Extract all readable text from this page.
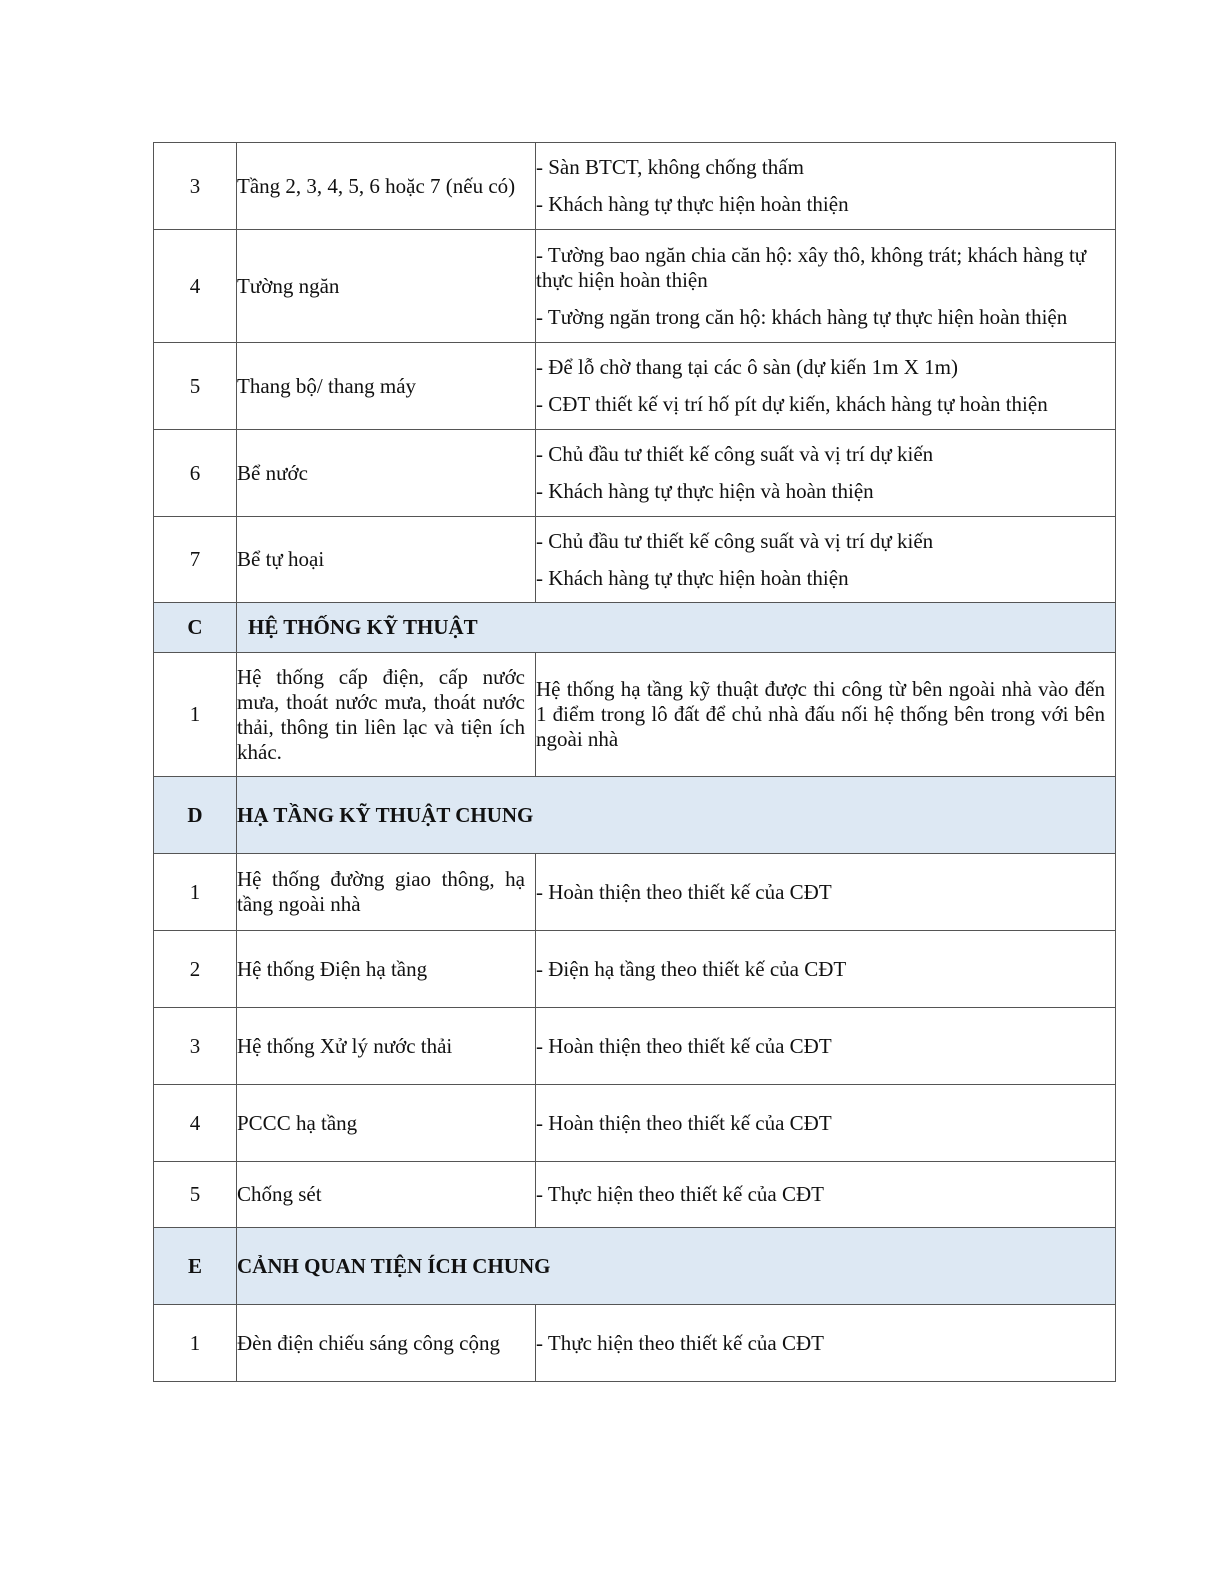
3	Tầng 2, 3, 4, 5, 6 hoặc 7 (nếu có)	- Sàn BTCT, không chống thấm
- Khách hàng tự thực hiện hoàn thiện

4	Tường ngăn	- Tường bao ngăn chia căn hộ: xây thô, không trát; khách hàng tự thực hiện hoàn thiện
- Tường ngăn trong căn hộ: khách hàng tự thực hiện hoàn thiện

5	Thang bộ/ thang máy	- Để lỗ chờ thang tại các ô sàn (dự kiến 1m X 1m)
- CĐT thiết kế vị trí hố pít dự kiến, khách hàng tự hoàn thiện

6	Bể nước	- Chủ đầu tư thiết kế công suất và vị trí dự kiến
- Khách hàng tự thực hiện và hoàn thiện

7	Bể tự hoại	- Chủ đầu tư thiết kế công suất và vị trí dự kiến
- Khách hàng tự thực hiện hoàn thiện

C	HỆ THỐNG KỸ THUẬT	
1	Hệ thống cấp điện, cấp nước mưa, thoát nước mưa, thoát nước thải, thông tin liên lạc và tiện ích khác.	Hệ thống hạ tầng kỹ thuật được thi công từ bên ngoài nhà vào đến 1 điểm trong lô đất để chủ nhà đấu nối hệ thống bên trong với bên ngoài nhà

D	HẠ TẦNG KỸ THUẬT CHUNG	
1	Hệ thống đường giao thông, hạ tầng ngoài nhà	- Hoàn thiện theo thiết kế của CĐT
2	Hệ thống Điện hạ tầng	- Điện hạ tầng theo thiết kế của CĐT
3	Hệ thống Xử lý nước thải	- Hoàn thiện theo thiết kế của CĐT
4	PCCC hạ tầng	- Hoàn thiện theo thiết kế của CĐT
5	Chống sét	- Thực hiện theo thiết kế của CĐT
E	CẢNH QUAN TIỆN ÍCH CHUNG	
1	Đèn điện chiếu sáng công cộng	- Thực hiện theo thiết kế của CĐT
